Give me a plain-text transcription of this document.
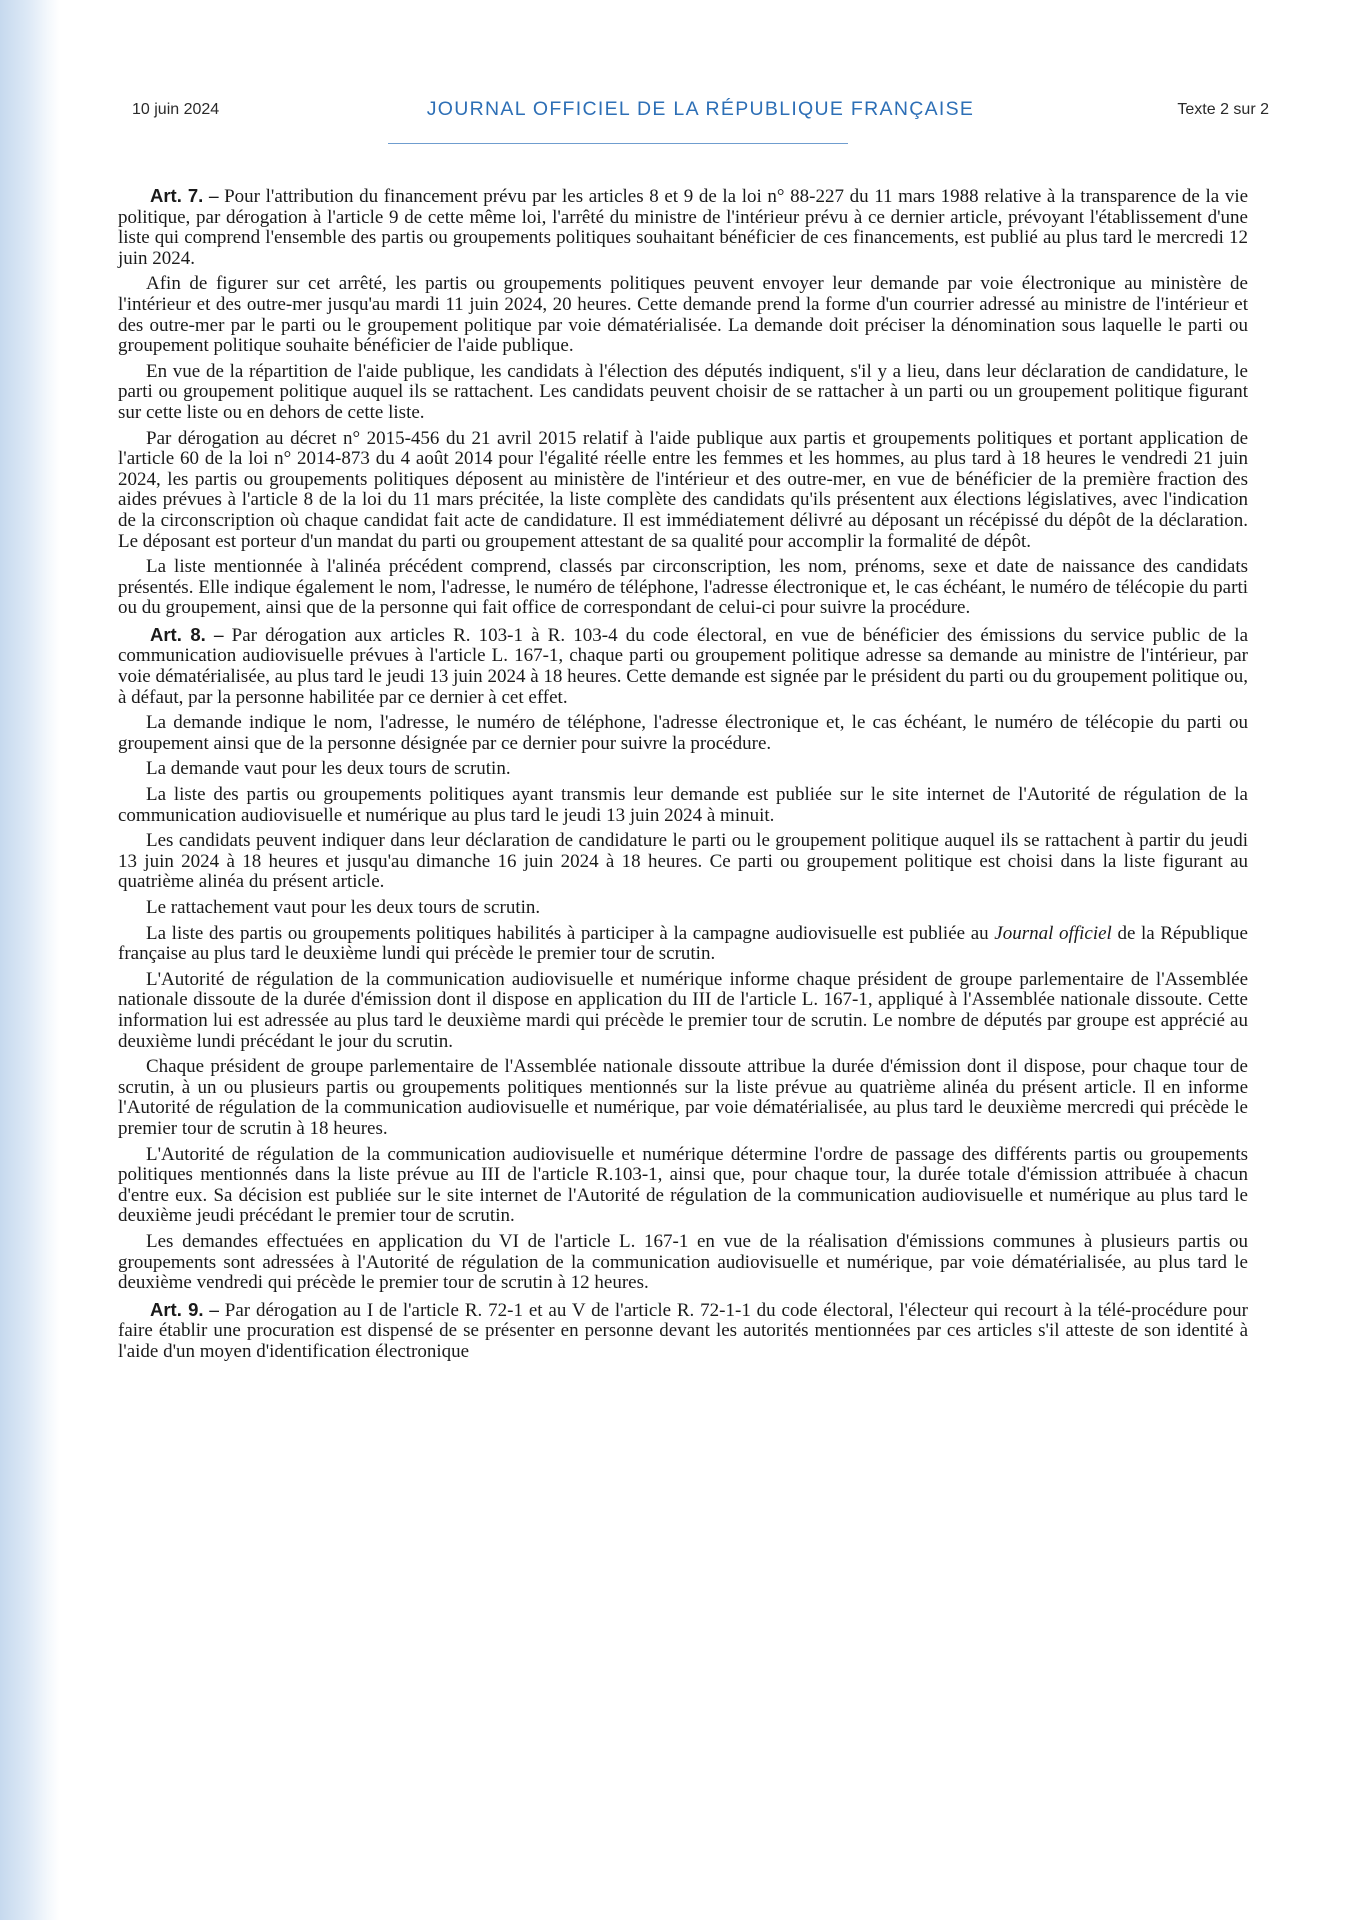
10 juin 2024	JOURNAL OFFICIEL DE LA RÉPUBLIQUE FRANÇAISE	Texte 2 sur 2

Art. 7. – Pour l'attribution du financement prévu par les articles 8 et 9 de la loi n° 88-227 du 11 mars 1988 relative à la transparence de la vie politique, par dérogation à l'article 9 de cette même loi, l'arrêté du ministre de l'intérieur prévu à ce dernier article, prévoyant l'établissement d'une liste qui comprend l'ensemble des partis ou groupements politiques souhaitant bénéficier de ces financements, est publié au plus tard le mercredi 12 juin 2024.

Afin de figurer sur cet arrêté, les partis ou groupements politiques peuvent envoyer leur demande par voie électronique au ministère de l'intérieur et des outre-mer jusqu'au mardi 11 juin 2024, 20 heures. Cette demande prend la forme d'un courrier adressé au ministre de l'intérieur et des outre-mer par le parti ou le groupement politique par voie dématérialisée. La demande doit préciser la dénomination sous laquelle le parti ou groupement politique souhaite bénéficier de l'aide publique.

En vue de la répartition de l'aide publique, les candidats à l'élection des députés indiquent, s'il y a lieu, dans leur déclaration de candidature, le parti ou groupement politique auquel ils se rattachent. Les candidats peuvent choisir de se rattacher à un parti ou un groupement politique figurant sur cette liste ou en dehors de cette liste.

Par dérogation au décret n° 2015-456 du 21 avril 2015 relatif à l'aide publique aux partis et groupements politiques et portant application de l'article 60 de la loi n° 2014-873 du 4 août 2014 pour l'égalité réelle entre les femmes et les hommes, au plus tard à 18 heures le vendredi 21 juin 2024, les partis ou groupements politiques déposent au ministère de l'intérieur et des outre-mer, en vue de bénéficier de la première fraction des aides prévues à l'article 8 de la loi du 11 mars précitée, la liste complète des candidats qu'ils présentent aux élections législatives, avec l'indication de la circonscription où chaque candidat fait acte de candidature. Il est immédiatement délivré au déposant un récépissé du dépôt de la déclaration. Le déposant est porteur d'un mandat du parti ou groupement attestant de sa qualité pour accomplir la formalité de dépôt.

La liste mentionnée à l'alinéa précédent comprend, classés par circonscription, les nom, prénoms, sexe et date de naissance des candidats présentés. Elle indique également le nom, l'adresse, le numéro de téléphone, l'adresse électronique et, le cas échéant, le numéro de télécopie du parti ou du groupement, ainsi que de la personne qui fait office de correspondant de celui-ci pour suivre la procédure.

Art. 8. – Par dérogation aux articles R. 103-1 à R. 103-4 du code électoral, en vue de bénéficier des émissions du service public de la communication audiovisuelle prévues à l'article L. 167-1, chaque parti ou groupement politique adresse sa demande au ministre de l'intérieur, par voie dématérialisée, au plus tard le jeudi 13 juin 2024 à 18 heures. Cette demande est signée par le président du parti ou du groupement politique ou, à défaut, par la personne habilitée par ce dernier à cet effet.

La demande indique le nom, l'adresse, le numéro de téléphone, l'adresse électronique et, le cas échéant, le numéro de télécopie du parti ou groupement ainsi que de la personne désignée par ce dernier pour suivre la procédure.

La demande vaut pour les deux tours de scrutin.

La liste des partis ou groupements politiques ayant transmis leur demande est publiée sur le site internet de l'Autorité de régulation de la communication audiovisuelle et numérique au plus tard le jeudi 13 juin 2024 à minuit.

Les candidats peuvent indiquer dans leur déclaration de candidature le parti ou le groupement politique auquel ils se rattachent à partir du jeudi 13 juin 2024 à 18 heures et jusqu'au dimanche 16 juin 2024 à 18 heures. Ce parti ou groupement politique est choisi dans la liste figurant au quatrième alinéa du présent article.

Le rattachement vaut pour les deux tours de scrutin.

La liste des partis ou groupements politiques habilités à participer à la campagne audiovisuelle est publiée au Journal officiel de la République française au plus tard le deuxième lundi qui précède le premier tour de scrutin.

L'Autorité de régulation de la communication audiovisuelle et numérique informe chaque président de groupe parlementaire de l'Assemblée nationale dissoute de la durée d'émission dont il dispose en application du III de l'article L. 167-1, appliqué à l'Assemblée nationale dissoute. Cette information lui est adressée au plus tard le deuxième mardi qui précède le premier tour de scrutin. Le nombre de députés par groupe est apprécié au deuxième lundi précédant le jour du scrutin.

Chaque président de groupe parlementaire de l'Assemblée nationale dissoute attribue la durée d'émission dont il dispose, pour chaque tour de scrutin, à un ou plusieurs partis ou groupements politiques mentionnés sur la liste prévue au quatrième alinéa du présent article. Il en informe l'Autorité de régulation de la communication audiovisuelle et numérique, par voie dématérialisée, au plus tard le deuxième mercredi qui précède le premier tour de scrutin à 18 heures.

L'Autorité de régulation de la communication audiovisuelle et numérique détermine l'ordre de passage des différents partis ou groupements politiques mentionnés dans la liste prévue au III de l'article R.103-1, ainsi que, pour chaque tour, la durée totale d'émission attribuée à chacun d'entre eux. Sa décision est publiée sur le site internet de l'Autorité de régulation de la communication audiovisuelle et numérique au plus tard le deuxième jeudi précédant le premier tour de scrutin.

Les demandes effectuées en application du VI de l'article L. 167-1 en vue de la réalisation d'émissions communes à plusieurs partis ou groupements sont adressées à l'Autorité de régulation de la communication audiovisuelle et numérique, par voie dématérialisée, au plus tard le deuxième vendredi qui précède le premier tour de scrutin à 12 heures.

Art. 9. – Par dérogation au I de l'article R. 72-1 et au V de l'article R. 72-1-1 du code électoral, l'électeur qui recourt à la télé-procédure pour faire établir une procuration est dispensé de se présenter en personne devant les autorités mentionnées par ces articles s'il atteste de son identité à l'aide d'un moyen d'identification électronique
